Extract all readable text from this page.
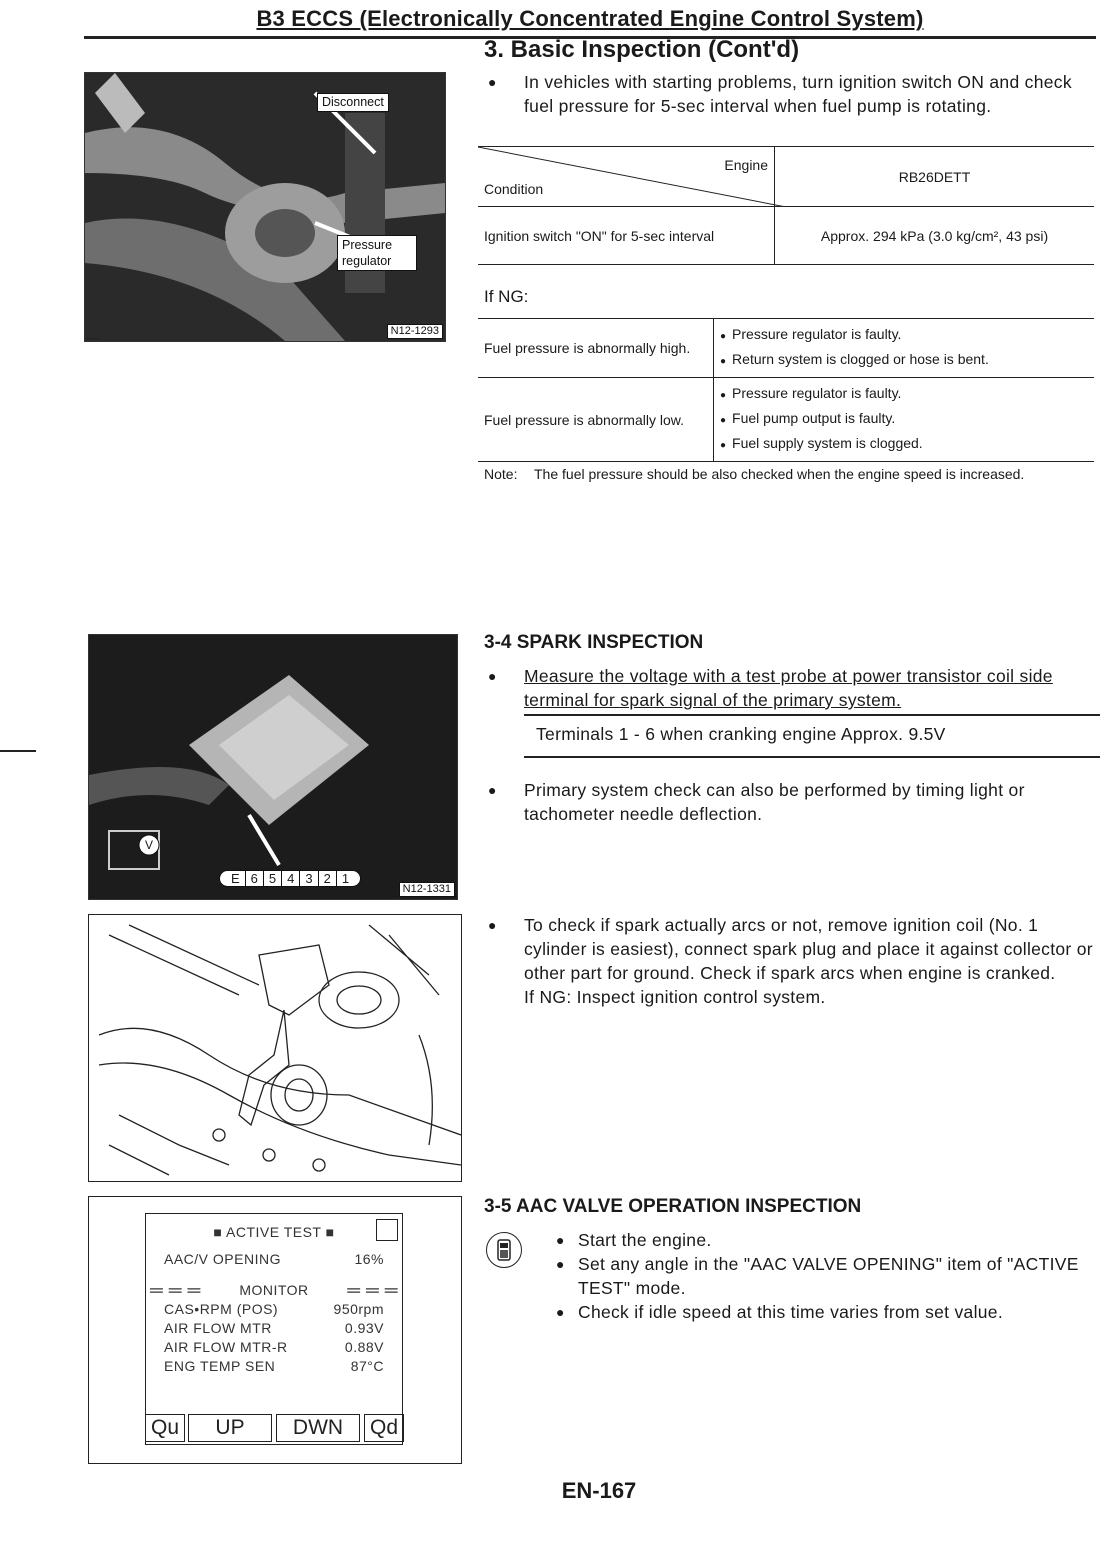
B3 ECCS (Electronically Concentrated Engine Control System)
3. Basic Inspection (Cont'd)
Disconnect
Pressure regulator
N12-1293
●	In vehicles with starting problems, turn ignition switch ON and check fuel pressure for 5-sec interval when fuel pump is rotating.
Engine
Condition	RB26DETT
Ignition switch "ON" for 5-sec interval	Approx. 294 kPa (3.0 kg/cm², 43 psi)
If NG:
Fuel pressure is abnormally high.	● Pressure regulator is faulty.
● Return system is clogged or hose is bent.

Fuel pressure is abnormally low.	● Pressure regulator is faulty.
● Fuel pump output is faulty.
● Fuel supply system is clogged.
Note:	The fuel pressure should be also checked when the engine speed is increased.
V
E 6 5 4 3 2 1
N12-1331
3-4 SPARK INSPECTION
●	Measure the voltage with a test probe at power transistor coil side terminal for spark signal of the primary system.
Terminals 1 - 6 when cranking engine Approx. 9.5V
●	Primary system check can also be performed by timing light or tachometer needle deflection.
●	To check if spark actually arcs or not, remove ignition coil (No. 1 cylinder is easiest), connect spark plug and place it against collector or other part for ground. Check if spark arcs when engine is cranked.
If NG: Inspect ignition control system.
■ ACTIVE TEST ■
AAC/V OPENING	16%
═ ═ ═	MONITOR ═ ═ ═
CAS•RPM (POS)	950rpm
AIR FLOW MTR	0.93V
AIR FLOW MTR-R	0.88V
ENG TEMP SEN	87°C
Qu	UP	DWN	Qd
3-5 AAC VALVE OPERATION INSPECTION
● Start the engine.
● Set any angle in the "AAC VALVE OPENING" item of "ACTIVE TEST" mode.
● Check if idle speed at this time varies from set value.
EN-167
